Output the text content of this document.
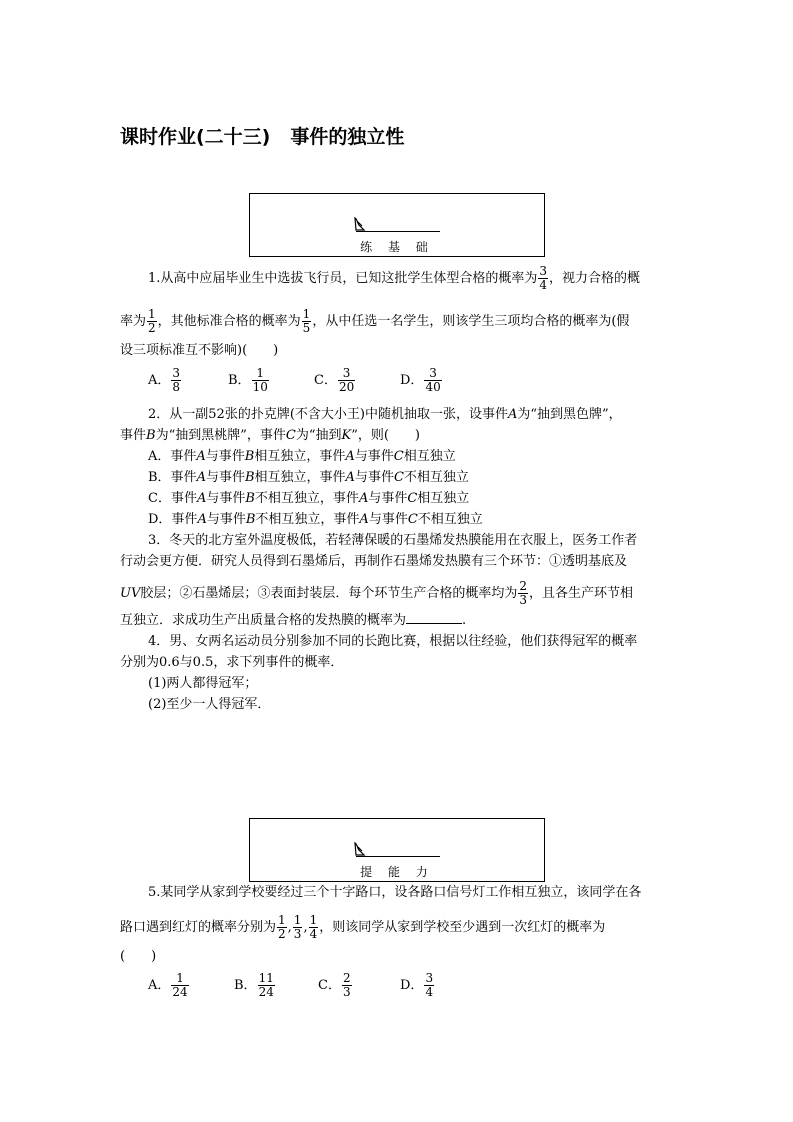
课时作业(二十三) 事件的独立性
练 基 础
1.从高中应届毕业生中选拔飞行员，已知这批学生体型合格的概率为 $\frac{3}{4}$ ，视力合格的概
率为 $\frac{1}{2}$ ，其他标准合格的概率为 $\frac{1}{5}$ ，从中任选一名学生，则该学生三项均合格的概率为(假
设三项标准互不影响)(　　)
A． $\frac{3}{8}$	B． $\frac{1}{10}$	C． $\frac{3}{20}$	D． $\frac{3}{40}$
2．从一副52张的扑克牌(不含大小王)中随机抽取一张，设事件A为“抽到黑色牌”，
事件B为“抽到黑桃牌”，事件C为“抽到K”，则(　　)
A．事件A与事件B相互独立，事件A与事件C相互独立
B．事件A与事件B相互独立，事件A与事件C不相互独立
C．事件A与事件B不相互独立，事件A与事件C相互独立
D．事件A与事件B不相互独立，事件A与事件C不相互独立
3．冬天的北方室外温度极低，若轻薄保暖的石墨烯发热膜能用在衣服上，医务工作者
行动会更方便．研究人员得到石墨烯后，再制作石墨烯发热膜有三个环节：①透明基底及
UV胶层；②石墨烯层；③表面封装层．每个环节生产合格的概率均为 $\frac{2}{3}$ ，且各生产环节相
互独立．求成功生产出质量合格的发热膜的概率为	.
4．男、女两名运动员分别参加不同的长跑比赛，根据以往经验，他们获得冠军的概率
分别为0.6与0.5，求下列事件的概率．
(1)两人都得冠军；
(2)至少一人得冠军．
提 能 力
5.某同学从家到学校要经过三个十字路口，设各路口信号灯工作相互独立，该同学在各
路口遇到红灯的概率分别为 $\frac{1}{2}$ , $\frac{1}{3}$ , $\frac{1}{4}$ ，则该同学从家到学校至少遇到一次红灯的概率为
(　　)
A． $\frac{1}{24}$	B． $\frac{11}{24}$	C． $\frac{2}{3}$	D． $\frac{3}{4}$
